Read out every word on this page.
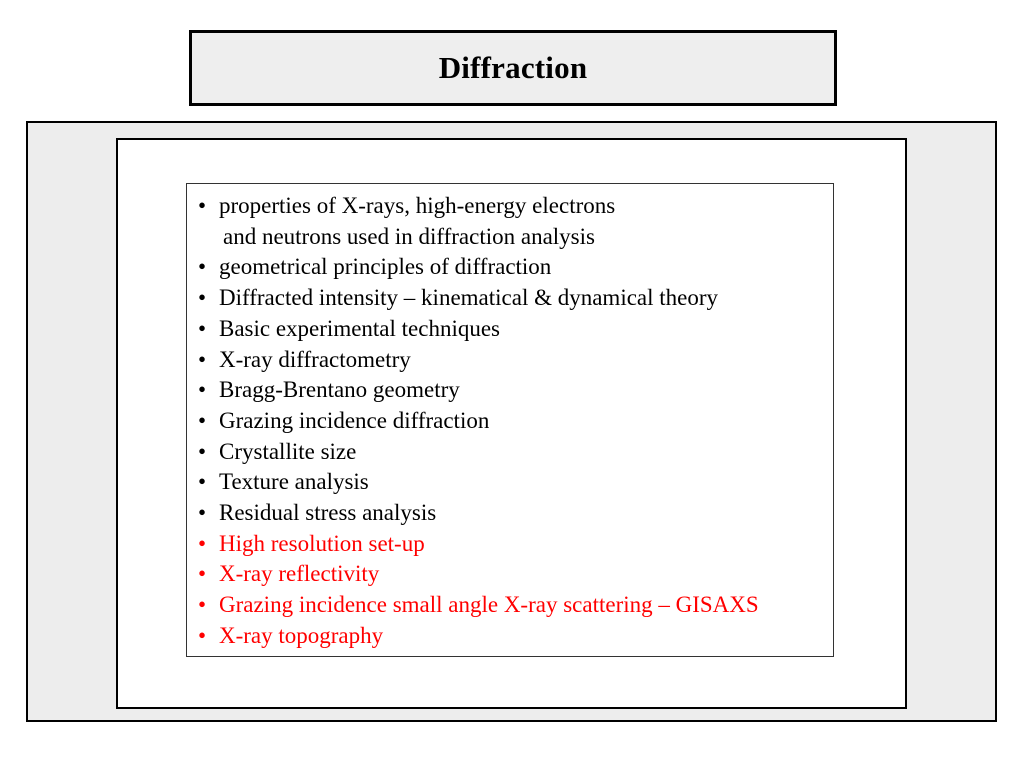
Diffraction
• properties of X-rays, high-energy electrons
and neutrons used in diffraction analysis
• geometrical principles of diffraction
• Diffracted intensity – kinematical & dynamical theory
• Basic experimental techniques
• X-ray diffractometry
• Bragg-Brentano geometry
• Grazing incidence diffraction
• Crystallite size
• Texture analysis
• Residual stress analysis
• High resolution set-up
• X-ray reflectivity
• Grazing incidence small angle X-ray scattering – GISAXS
• X-ray topography
